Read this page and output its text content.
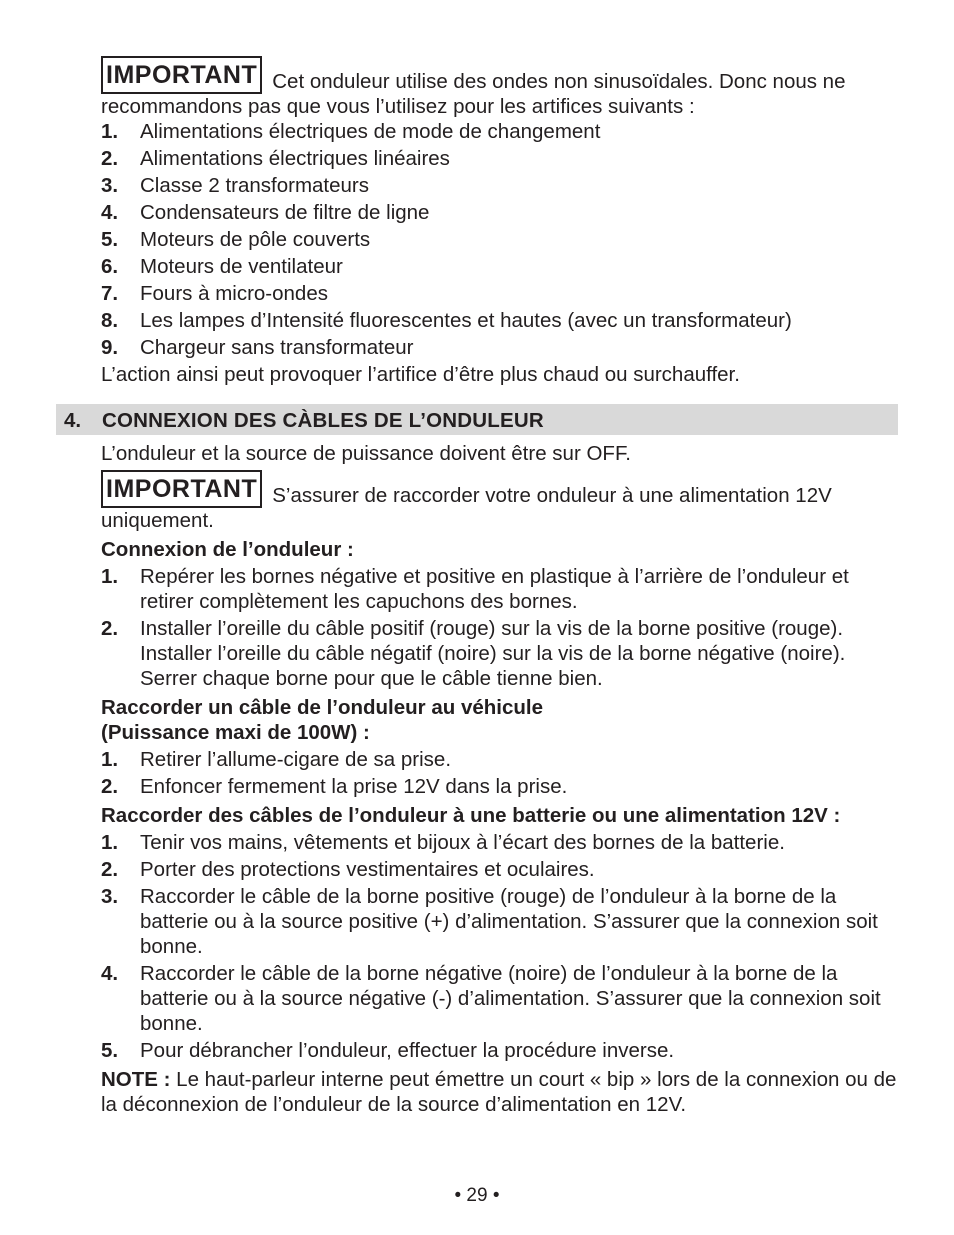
IMPORTANT Cet onduleur utilise des ondes non sinusoïdales. Donc nous ne recommandons pas que vous l’utilisez pour les artifices suivants :

1. Alimentations électriques de mode de changement
2. Alimentations électriques linéaires
3. Classe 2 transformateurs
4. Condensateurs de filtre de ligne
5. Moteurs de pôle couverts
6. Moteurs de ventilateur
7. Fours à micro-ondes
8. Les lampes d’Intensité fluorescentes et hautes (avec un transformateur)
9. Chargeur sans transformateur

L’action ainsi peut provoquer l’artifice d’être plus chaud ou surchauffer.

4. CONNEXION DES CÀBLES DE L’ONDULEUR

L’onduleur et la source de puissance doivent être sur OFF.

IMPORTANT S’assurer de raccorder votre onduleur à une alimentation 12V uniquement.

Connexion de l’onduleur :

1. Repérer les bornes négative et positive en plastique à l’arrière de l’onduleur et retirer complètement les capuchons des bornes.
2. Installer l’oreille du câble positif (rouge) sur la vis de la borne positive (rouge). Installer l’oreille du câble négatif (noire) sur la vis de la borne négative (noire). Serrer chaque borne pour que le câble tienne bien.

Raccorder un câble de l’onduleur au véhicule

(Puissance maxi de 100W) :

1. Retirer l’allume-cigare de sa prise.
2. Enfoncer fermement la prise 12V dans la prise.

Raccorder des câbles de l’onduleur à une batterie ou une alimentation 12V :

1. Tenir vos mains, vêtements et bijoux à l’écart des bornes de la batterie.
2. Porter des protections vestimentaires et oculaires.
3. Raccorder le câble de la borne positive (rouge) de l’onduleur à la borne de la batterie ou à la source positive (+) d’alimentation. S’assurer que la connexion soit bonne.
4. Raccorder le câble de la borne négative (noire) de l’onduleur à la borne de la batterie ou à la source négative (-) d’alimentation. S’assurer que la connexion soit bonne.
5. Pour débrancher l’onduleur, effectuer la procédure inverse.

NOTE : Le haut-parleur interne peut émettre un court « bip » lors de la connexion ou de la déconnexion de l’onduleur de la source d’alimentation en 12V.

• 29 •
